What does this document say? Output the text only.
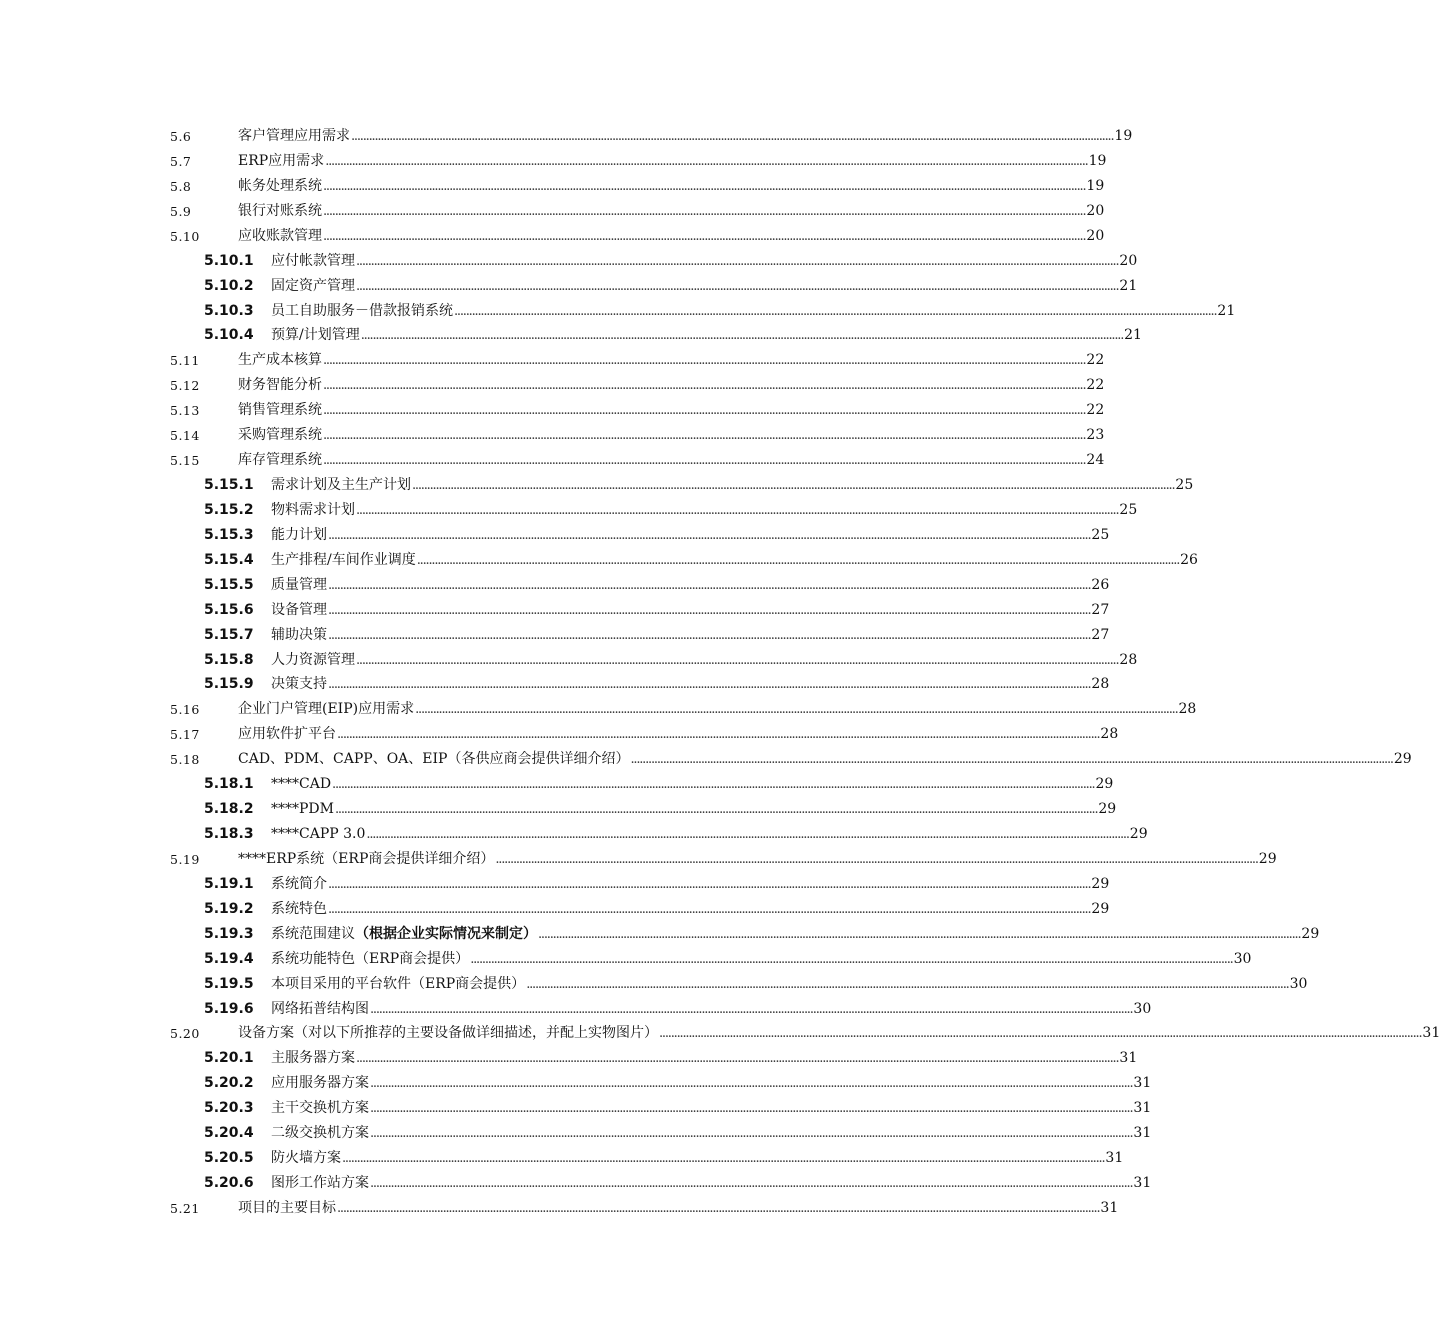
5.6	客户管理应用需求 .................................................................................................................................................................................................................................................................... 19
5.7	ERP应用需求 .................................................................................................................................................................................................................................................................... 19
5.8	帐务处理系统 .................................................................................................................................................................................................................................................................... 19
5.9	银行对账系统 .................................................................................................................................................................................................................................................................... 20
5.10	应收账款管理 .................................................................................................................................................................................................................................................................... 20
5.10.1 应付帐款管理 .................................................................................................................................................................................................................................................................... 20
5.10.2 固定资产管理 .................................................................................................................................................................................................................................................................... 21
5.10.3 员工自助服务－借款报销系统 .................................................................................................................................................................................................................................................................... 21
5.10.4 预算/计划管理 .................................................................................................................................................................................................................................................................... 21
5.11	生产成本核算 .................................................................................................................................................................................................................................................................... 22
5.12	财务智能分析 .................................................................................................................................................................................................................................................................... 22
5.13	销售管理系统 .................................................................................................................................................................................................................................................................... 22
5.14	采购管理系统 .................................................................................................................................................................................................................................................................... 23
5.15	库存管理系统 .................................................................................................................................................................................................................................................................... 24
5.15.1 需求计划及主生产计划 .................................................................................................................................................................................................................................................................... 25
5.15.2 物料需求计划 .................................................................................................................................................................................................................................................................... 25
5.15.3 能力计划 .................................................................................................................................................................................................................................................................... 25
5.15.4 生产排程/车间作业调度 .................................................................................................................................................................................................................................................................... 26
5.15.5 质量管理 .................................................................................................................................................................................................................................................................... 26
5.15.6 设备管理 .................................................................................................................................................................................................................................................................... 27
5.15.7 辅助决策 .................................................................................................................................................................................................................................................................... 27
5.15.8 人力资源管理 .................................................................................................................................................................................................................................................................... 28
5.15.9 决策支持 .................................................................................................................................................................................................................................................................... 28
5.16	企业门户管理(EIP)应用需求 .................................................................................................................................................................................................................................................................... 28
5.17	应用软件扩平台 .................................................................................................................................................................................................................................................................... 28
5.18	CAD、PDM、CAPP、OA、EIP（各供应商会提供详细介绍） .................................................................................................................................................................................................................................................................... 29
5.18.1 ****CAD .................................................................................................................................................................................................................................................................... 29
5.18.2 ****PDM .................................................................................................................................................................................................................................................................... 29
5.18.3 ****CAPP 3.0 .................................................................................................................................................................................................................................................................... 29
5.19	****ERP系统（ERP商会提供详细介绍） .................................................................................................................................................................................................................................................................... 29
5.19.1 系统简介 .................................................................................................................................................................................................................................................................... 29
5.19.2 系统特色 .................................................................................................................................................................................................................................................................... 29
5.19.3 系统范围建议（根据企业实际情况来制定） .................................................................................................................................................................................................................................................................... 29
5.19.4 系统功能特色（ERP商会提供） .................................................................................................................................................................................................................................................................... 30
5.19.5 本项目采用的平台软件（ERP商会提供） .................................................................................................................................................................................................................................................................... 30
5.19.6 网络拓普结构图 .................................................................................................................................................................................................................................................................... 30
5.20	设备方案（对以下所推荐的主要设备做详细描述，并配上实物图片） .................................................................................................................................................................................................................................................................... 31
5.20.1 主服务器方案 .................................................................................................................................................................................................................................................................... 31
5.20.2 应用服务器方案 .................................................................................................................................................................................................................................................................... 31
5.20.3 主干交换机方案 .................................................................................................................................................................................................................................................................... 31
5.20.4 二级交换机方案 .................................................................................................................................................................................................................................................................... 31
5.20.5 防火墙方案 .................................................................................................................................................................................................................................................................... 31
5.20.6 图形工作站方案 .................................................................................................................................................................................................................................................................... 31
5.21	项目的主要目标 .................................................................................................................................................................................................................................................................... 31
